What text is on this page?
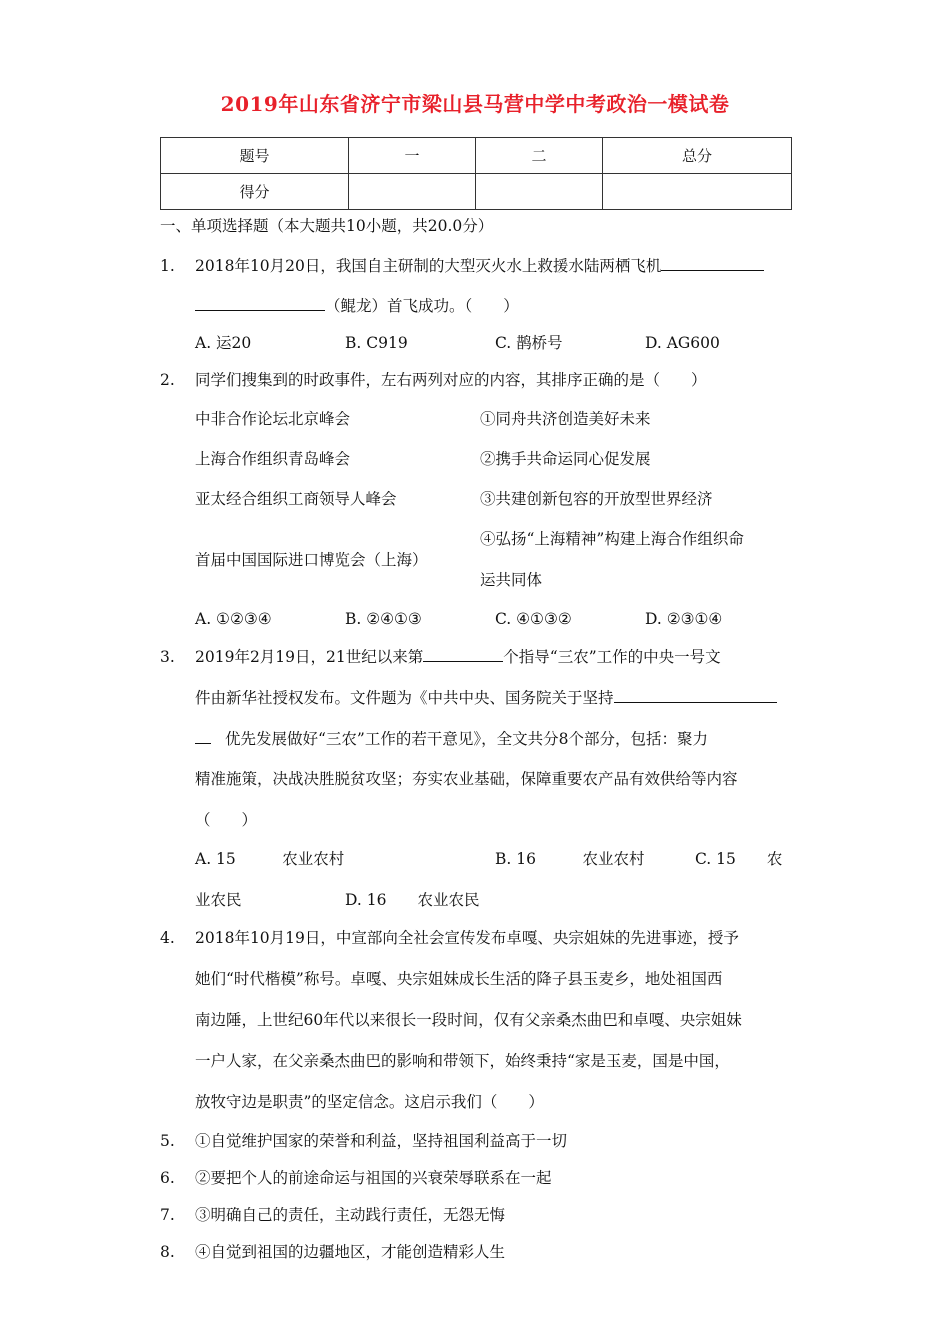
2019年山东省济宁市梁山县马营中学中考政治一模试卷
题号	一	二	总分
得分			
一、单项选择题（本大题共10小题，共20.0分）
1. 2018年10月20日，我国自主研制的大型灭火水上救援水陆两栖飞机
（鲲龙）首飞成功。（　　）
A. 运20	B. C919	C. 鹊桥号	D. AG600
2. 同学们搜集到的时政事件，左右两列对应的内容，其排序正确的是（　　）
中非合作论坛北京峰会
上海合作组织青岛峰会
亚太经合组织工商领导人峰会
首届中国国际进口博览会（上海）
①同舟共济创造美好未来
②携手共命运同心促发展
③共建创新包容的开放型世界经济
④弘扬“上海精神”构建上海合作组织命
运共同体
A. ①②③④	B. ②④①③	C. ④①③②	D. ②③①④
3. 2019年2月19日，21世纪以来第	个指导“三农”工作的中央一号文
件由新华社授权发布。文件题为《中共中央、国务院关于坚持
优先发展做好“三农”工作的若干意见》，全文共分8个部分，包括：聚力
精准施策，决战决胜脱贫攻坚；夯实农业基础，保障重要农产品有效供给等内容
（　　）
A. 15　　　农业农村	B. 16　　　农业农村	C. 15　　农
业农民	D. 16　　农业农民
4. 2018年10月19日，中宣部向全社会宣传发布卓嘎、央宗姐妹的先进事迹，授予
她们“时代楷模”称号。卓嘎、央宗姐妹成长生活的降子县玉麦乡，地处祖国西
南边陲，上世纪60年代以来很长一段时间，仅有父亲桑杰曲巴和卓嘎、央宗姐妹
一户人家，在父亲桑杰曲巴的影响和带领下，始终秉持“家是玉麦，国是中国，
放牧守边是职责”的坚定信念。这启示我们（　　）
5. ①自觉维护国家的荣誉和利益，坚持祖国利益高于一切
6. ②要把个人的前途命运与祖国的兴衰荣辱联系在一起
7. ③明确自己的责任，主动践行责任，无怨无悔
8. ④自觉到祖国的边疆地区，才能创造精彩人生
